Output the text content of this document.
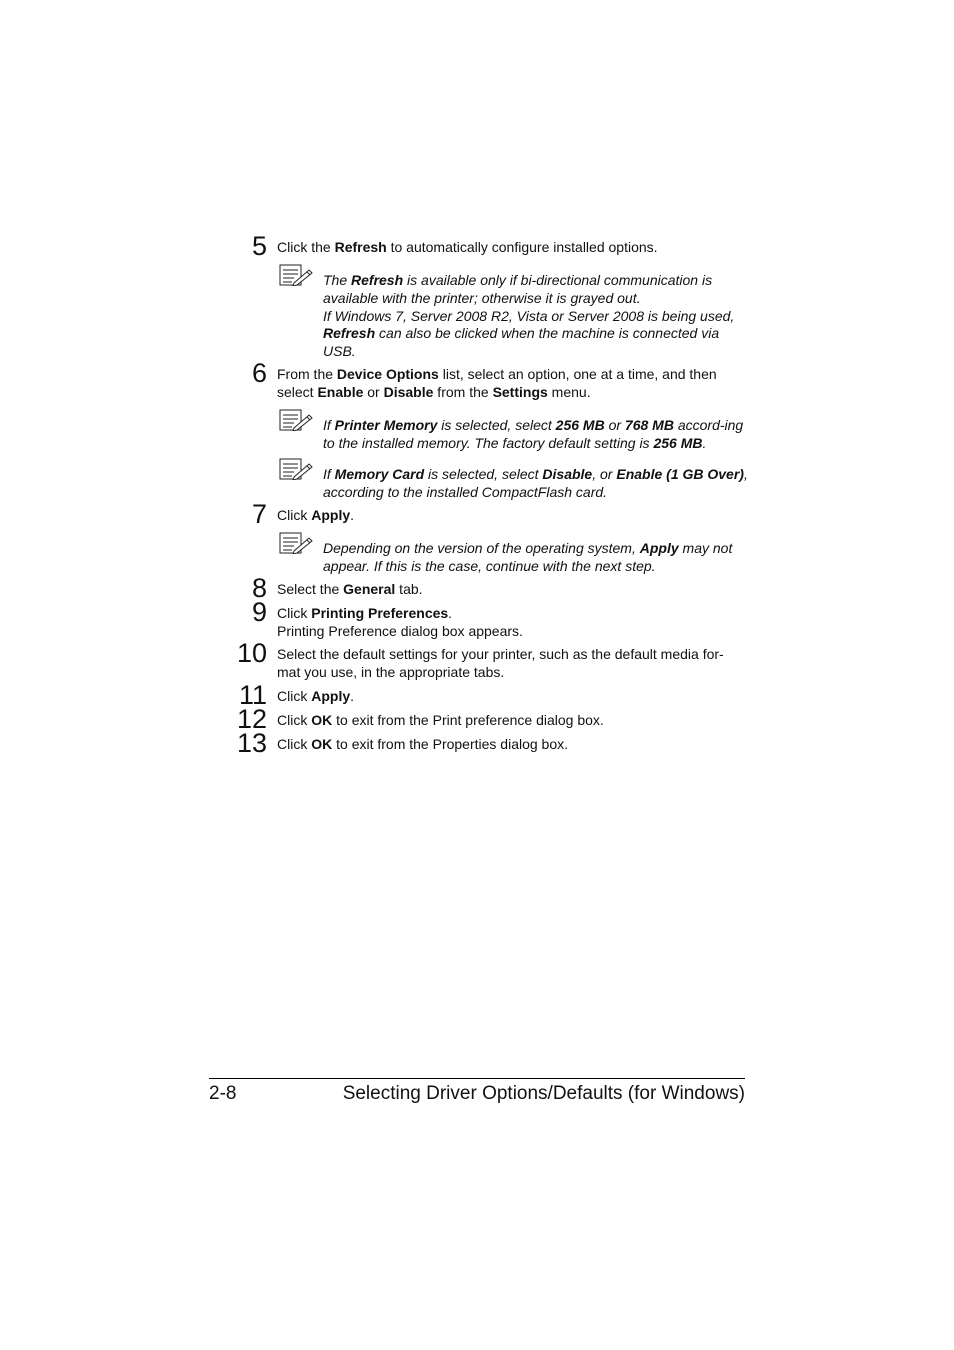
5 Click the Refresh to automatically configure installed options.
The Refresh is available only if bi-directional communication is available with the printer; otherwise it is grayed out.
If Windows 7, Server 2008 R2, Vista or Server 2008 is being used, Refresh can also be clicked when the machine is connected via USB.
6 From the Device Options list, select an option, one at a time, and then select Enable or Disable from the Settings menu.
If Printer Memory is selected, select 256 MB or 768 MB accord-ing to the installed memory. The factory default setting is 256 MB.
If Memory Card is selected, select Disable, or Enable (1 GB Over), according to the installed CompactFlash card.
7 Click Apply.
Depending on the version of the operating system, Apply may not appear. If this is the case, continue with the next step.
8 Select the General tab.
9 Click Printing Preferences.
Printing Preference dialog box appears.
10 Select the default settings for your printer, such as the default media for-mat you use, in the appropriate tabs.
11 Click Apply.
12 Click OK to exit from the Print preference dialog box.
13 Click OK to exit from the Properties dialog box.
2-8	Selecting Driver Options/Defaults (for Windows)
